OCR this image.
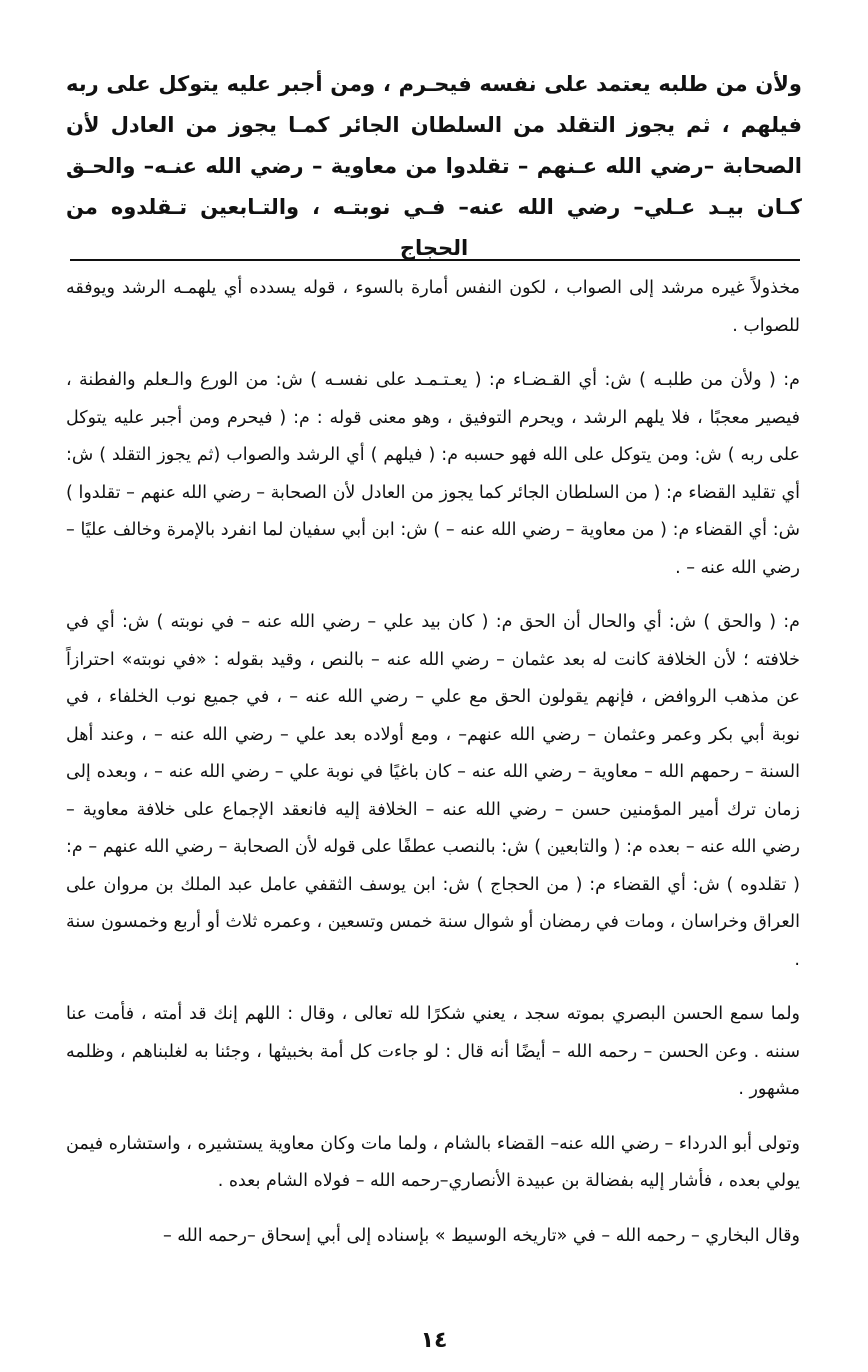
ولأن من طلبه يعتمد على نفسه فيحـرم ، ومن أجبر عليه يتوكل على ربه فيلهم ، ثم يجوز التقلد من السلطان الجائر كمـا يجوز من العادل لأن الصحابة –رضي الله عـنهم – تقلدوا من معاوية – رضي الله عنـه– والحـق كـان بيـد عـلي– رضي الله عنه– فـي نوبتـه ، والتـابعين تـقلدوه من الحجاج

مخذولاً غيره مرشد إلى الصواب ، لكون النفس أمارة بالسوء ، قوله يسدده أي يلهمـه الرشد ويوفقه للصواب .

م: ( ولأن من طلبـه ) ش: أي القـضـاء م: ( يعـتـمـد على نفسـه ) ش: من الورع والـعلم والفطنة ، فيصير معجبًا ، فلا يلهم الرشد ، ويحرم التوفيق ، وهو معنى قوله : م: ( فيحرم ومن أجبر عليه يتوكل على ربه ) ش: ومن يتوكل على الله فهو حسبه م: ( فيلهم ) أي الرشد والصواب (ثم يجوز التقلد ) ش: أي تقليد القضاء م: ( من السلطان الجائر كما يجوز من العادل لأن الصحابة – رضي الله عنهم – تقلدوا ) ش: أي القضاء م: ( من معاوية – رضي الله عنه – ) ش: ابن أبي سفيان لما انفرد بالإمرة وخالف عليًا – رضي الله عنه – .

م: ( والحق ) ش: أي والحال أن الحق م: ( كان بيد علي – رضي الله عنه – في نوبته ) ش: أي في خلافته ؛ لأن الخلافة كانت له بعد عثمان – رضي الله عنه – بالنص ، وقيد بقوله : «في نوبته» احترازاً عن مذهب الروافض ، فإنهم يقولون الحق مع علي – رضي الله عنه – ، في جميع نوب الخلفاء ، في نوبة أبي بكر وعمر وعثمان – رضي الله عنهم– ، ومع أولاده بعد علي – رضي الله عنه – ، وعند أهل السنة – رحمهم الله – معاوية – رضي الله عنه – كان باغيًا في نوبة علي – رضي الله عنه – ، وبعده إلى زمان ترك أمير المؤمنين حسن – رضي الله عنه – الخلافة إليه فانعقد الإجماع على خلافة معاوية – رضي الله عنه – بعده م: ( والتابعين ) ش: بالنصب عطفًا على قوله لأن الصحابة – رضي الله عنهم – م: ( تقلدوه ) ش: أي القضاء م: ( من الحجاج ) ش: ابن يوسف الثقفي عامل عبد الملك بن مروان على العراق وخراسان ، ومات في رمضان أو شوال سنة خمس وتسعين ، وعمره ثلاث أو أربع وخمسون سنة .

ولما سمع الحسن البصري بموته سجد ، يعني شكرًا لله تعالى ، وقال : اللهم إنك قد أمته ، فأمت عنا سننه . وعن الحسن – رحمه الله – أيضًا أنه قال : لو جاءت كل أمة بخبيثها ، وجئنا به لغلبناهم ، وظلمه مشهور .

وتولى أبو الدرداء – رضي الله عنه– القضاء بالشام ، ولما مات وكان معاوية يستشيره ، واستشاره فيمن يولي بعده ، فأشار إليه بفضالة بن عبيدة الأنصاري–رحمه الله – فولاه الشام بعده .

وقال البخاري – رحمه الله – في «تاريخه الوسيط » بإسناده إلى أبي إسحاق –رحمه الله –

١٤
